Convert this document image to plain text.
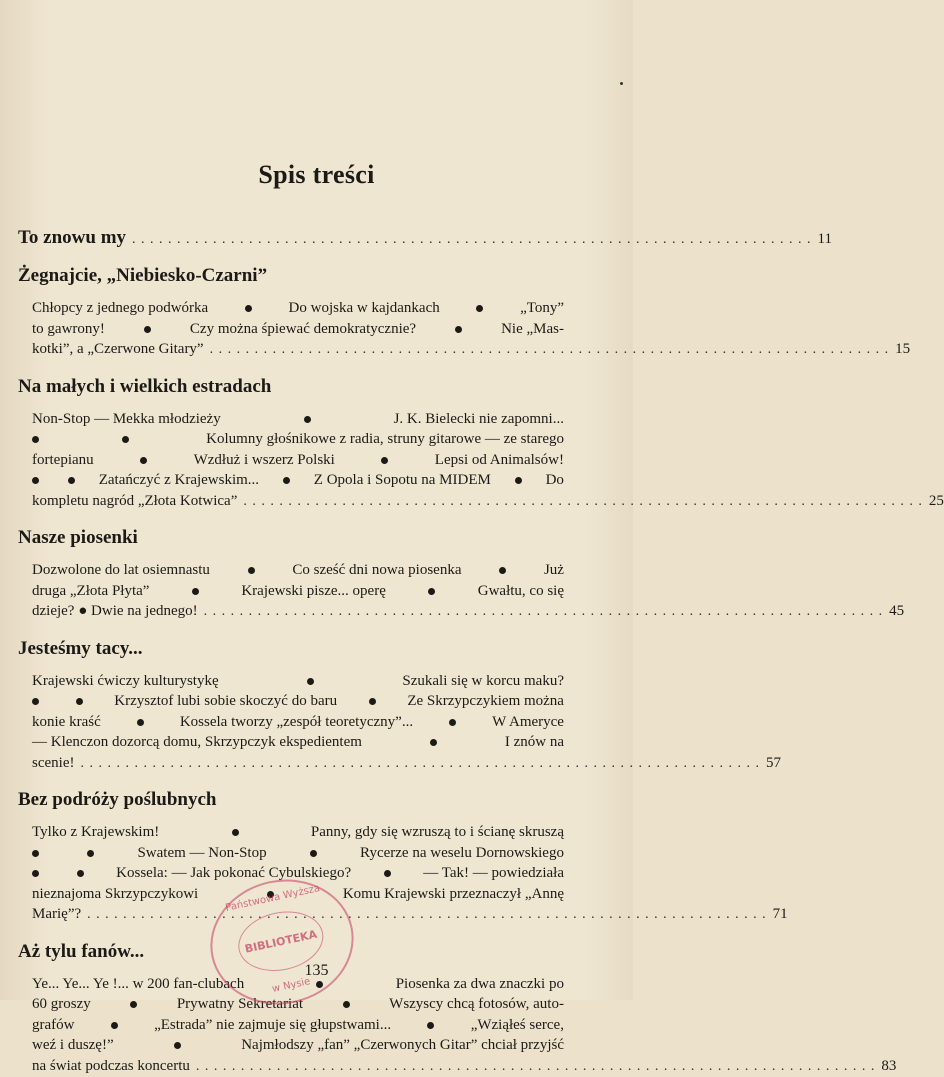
Spis treści
To znowu my . . . . . . . . . . . . . . . . . . . . . . . . . . . . . . . . . . . . . . . . . . . . . . . . . . . . . . . . . . . . . . . . . . . . . . . . . . . . 11
Żegnajcie, „Niebiesko-Czarni”
Chłopcy z jednego podwórka	Do wojska w kajdankach	„Tony”
to gawrony!	Czy można śpiewać demokratycznie?	Nie „Mas-
kotki”, a „Czerwone Gitary” . . . . . . . . . . . . . . . . . . . . . . . . . . . . . . . . . . . . . . . . . . . . . . . . . . . . . . . . . . . . . . . . . . . . . . . . . . . . 15
Na małych i wielkich estradach
Non-Stop — Mekka młodzieży	J. K. Bielecki nie zapomni...
Kolumny głośnikowe z radia, struny gitarowe — ze starego
fortepianu	Wzdłuż i wszerz Polski	Lepsi od Animalsów!
Zatańczyć z Krajewskim...	Z Opola i Sopotu na MIDEM	Do
kompletu nagród „Złota Kotwica” . . . . . . . . . . . . . . . . . . . . . . . . . . . . . . . . . . . . . . . . . . . . . . . . . . . . . . . . . . . . . . . . . . . . . . . . . . . . 25
Nasze piosenki
Dozwolone do lat osiemnastu	Co sześć dni nowa piosenka	Już
druga „Złota Płyta”	Krajewski pisze... operę	Gwałtu, co się
dzieje? ● Dwie na jednego! . . . . . . . . . . . . . . . . . . . . . . . . . . . . . . . . . . . . . . . . . . . . . . . . . . . . . . . . . . . . . . . . . . . . . . . . . . . . 45
Jesteśmy tacy...
Krajewski ćwiczy kulturystykę	Szukali się w korcu maku?
Krzysztof lubi sobie skoczyć do baru	Ze Skrzypczykiem można
konie kraść	Kossela tworzy „zespół teoretyczny”...	W Ameryce
— Klenczon dozorcą domu, Skrzypczyk ekspedientem	I znów na
scenie! . . . . . . . . . . . . . . . . . . . . . . . . . . . . . . . . . . . . . . . . . . . . . . . . . . . . . . . . . . . . . . . . . . . . . . . . . . . . 57
Bez podróży poślubnych
Tylko z Krajewskim!	Panny, gdy się wzruszą to i ścianę skruszą
Swatem — Non-Stop	Rycerze na weselu Dornowskiego
Kossela: — Jak pokonać Cybulskiego?	— Tak! — powiedziała
nieznajoma Skrzypczykowi	Komu Krajewski przeznaczył „Annę
Marię”? . . . . . . . . . . . . . . . . . . . . . . . . . . . . . . . . . . . . . . . . . . . . . . . . . . . . . . . . . . . . . . . . . . . . . . . . . . . . 71
Aż tylu fanów...
Ye... Ye... Ye !... w 200 fan-clubach	Piosenka za dwa znaczki po
60 groszy	Prywatny Sekretariat	Wszyscy chcą fotosów, auto-
grafów	„Estrada” nie zajmuje się głupstwami...	„Wziąłeś serce,
weź i duszę!”	Najmłodszy „fan” „Czerwonych Gitar” chciał przyjść
na świat podczas koncertu . . . . . . . . . . . . . . . . . . . . . . . . . . . . . . . . . . . . . . . . . . . . . . . . . . . . . . . . . . . . . . . . . . . . . . . . . . . . 83
Państwowa Wyższa
BIBLIOTEKA
w Nysie
135
